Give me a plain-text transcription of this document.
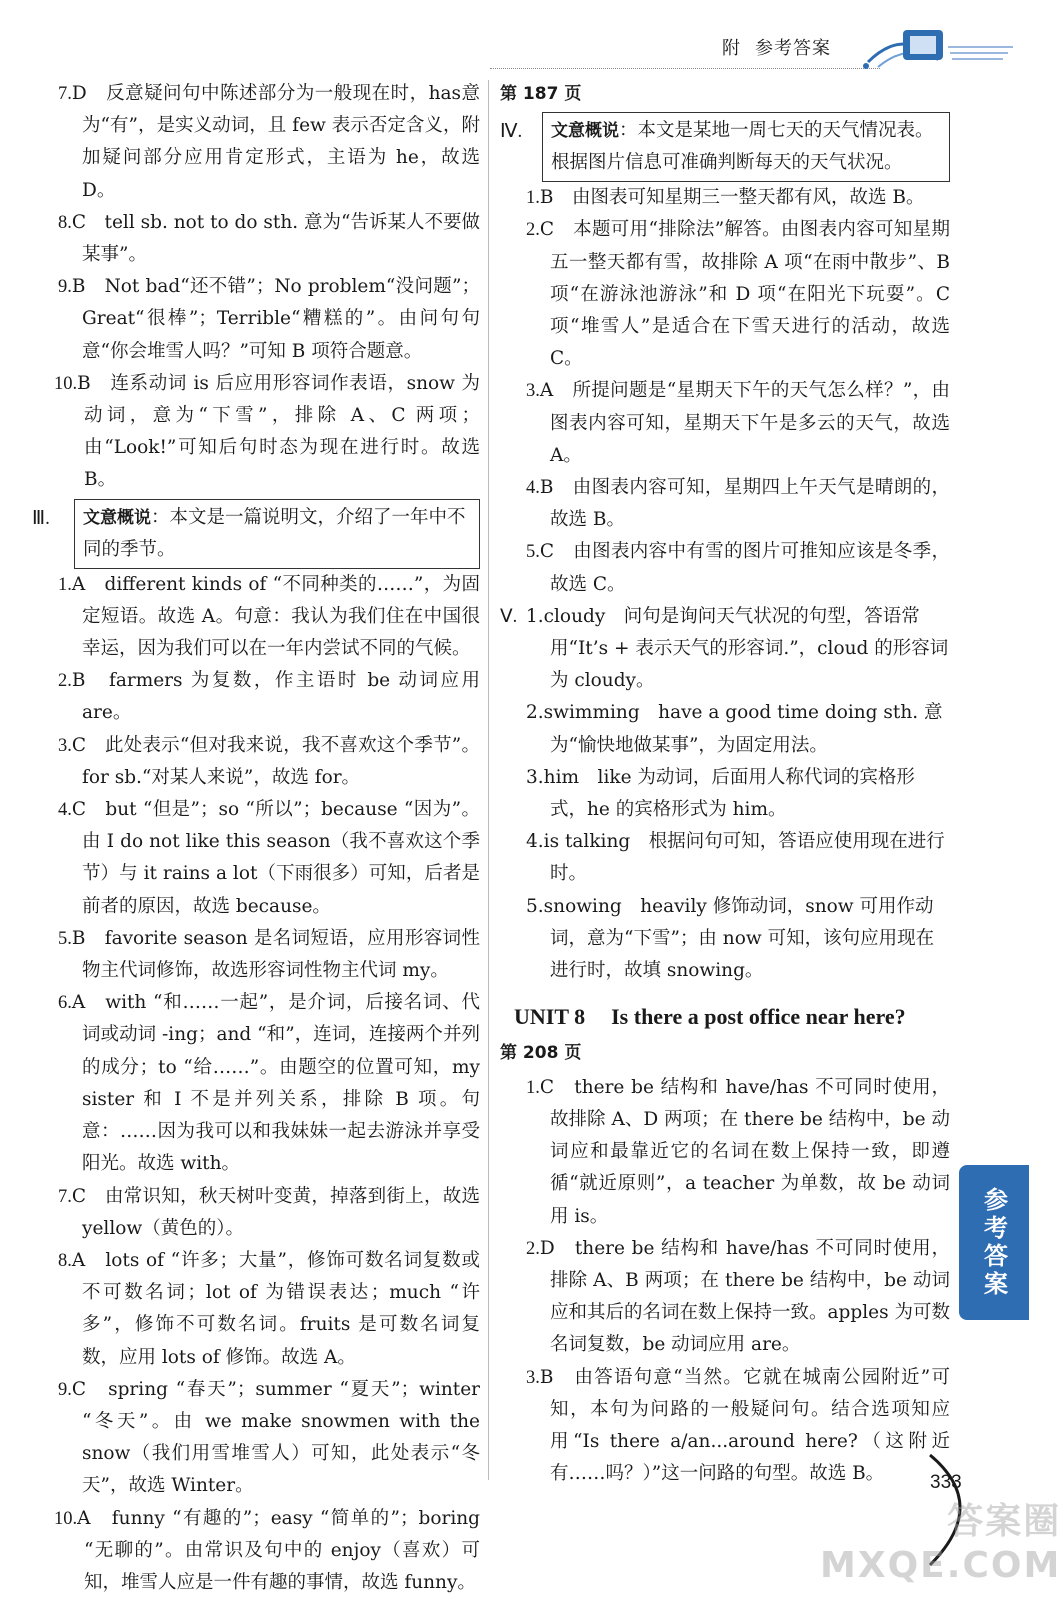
附 参考答案

7.D　反意疑问句中陈述部分为一般现在时，has意为“有”，是实义动词，且 few 表示否定含义，附加疑问部分应用肯定形式，主语为 he，故选 D。

8.C　tell sb. not to do sth. 意为“告诉某人不要做某事”。

9.B　Not bad“还不错”；No problem“没问题”；Great“很棒”；Terrible“糟糕的”。由问句句意“你会堆雪人吗？”可知 B 项符合题意。

10.B　连系动词 is 后应用形容词作表语，snow 为动词，意为“下雪”，排除 A、C 两项；由“Look!”可知后句时态为现在进行时。故选 B。

Ⅲ.	文意概说：本文是一篇说明文，介绍了一年中不同的季节。

1.A　different kinds of “不同种类的……”，为固定短语。故选 A。句意：我认为我们住在中国很幸运，因为我们可以在一年内尝试不同的气候。

2.B　farmers 为复数，作主语时 be 动词应用 are。

3.C　此处表示“但对我来说，我不喜欢这个季节”。for sb.“对某人来说”，故选 for。

4.C　but “但是”；so “所以”；because “因为”。由 I do not like this season（我不喜欢这个季节）与 it rains a lot（下雨很多）可知，后者是前者的原因，故选 because。

5.B　favorite season 是名词短语，应用形容词性物主代词修饰，故选形容词性物主代词 my。

6.A　with “和……一起”，是介词，后接名词、代词或动词 -ing；and “和”，连词，连接两个并列的成分；to “给……”。由题空的位置可知，my sister 和 I 不是并列关系，排除 B 项。句意：……因为我可以和我妹妹一起去游泳并享受阳光。故选 with。

7.C　由常识知，秋天树叶变黄，掉落到街上，故选 yellow（黄色的）。

8.A　lots of “许多；大量”，修饰可数名词复数或不可数名词；lot of 为错误表达；much “许多”，修饰不可数名词。fruits 是可数名词复数，应用 lots of 修饰。故选 A。

9.C　spring “春天”；summer “夏天”；winter “冬天”。由 we make snowmen with the snow（我们用雪堆雪人）可知，此处表示“冬天”，故选 Winter。

10.A　funny “有趣的”；easy “简单的”；boring “无聊的”。由常识及句中的 enjoy（喜欢）可知，堆雪人应是一件有趣的事情，故选 funny。

第 187 页
Ⅳ.	文意概说：本文是某地一周七天的天气情况表。根据图片信息可准确判断每天的天气状况。

1.B　由图表可知星期三一整天都有风，故选 B。

2.C　本题可用“排除法”解答。由图表内容可知星期五一整天都有雪，故排除 A 项“在雨中散步”、B 项“在游泳池游泳”和 D 项“在阳光下玩耍”。C 项“堆雪人”是适合在下雪天进行的活动，故选 C。

3.A　所提问题是“星期天下午的天气怎么样？”，由图表内容可知，星期天下午是多云的天气，故选 A。

4.B　由图表内容可知，星期四上午天气是晴朗的，故选 B。

5.C　由图表内容中有雪的图片可推知应该是冬季，故选 C。

Ⅴ. 1.cloudy　问句是询问天气状况的句型，答语常用“It’s + 表示天气的形容词.”，cloud 的形容词为 cloudy。

2.swimming　have a good time doing sth. 意为“愉快地做某事”，为固定用法。

3.him　like 为动词，后面用人称代词的宾格形式，he 的宾格形式为 him。

4.is talking　根据问句可知，答语应使用现在进行时。

5.snowing　heavily 修饰动词，snow 可用作动词，意为“下雪”；由 now 可知，该句应用现在进行时，故填 snowing。

UNIT 8 Is there a post office near here?
第 208 页

1.C　there be 结构和 have/has 不可同时使用，故排除 A、D 两项；在 there be 结构中，be 动词应和最靠近它的名词在数上保持一致，即遵循“就近原则”，a teacher 为单数，故 be 动词用 is。

2.D　there be 结构和 have/has 不可同时使用，排除 A、B 两项；在 there be 结构中，be 动词应和其后的名词在数上保持一致。apples 为可数名词复数，be 动词应用 are。

3.B　由答语句意“当然。它就在城南公园附近”可知，本句为问路的一般疑问句。结合选项知应用“Is there a/an...around here?（这附近有……吗？）”这一问路的句型。故选 B。

参考答案
333
答案圈
MXQE.COM
